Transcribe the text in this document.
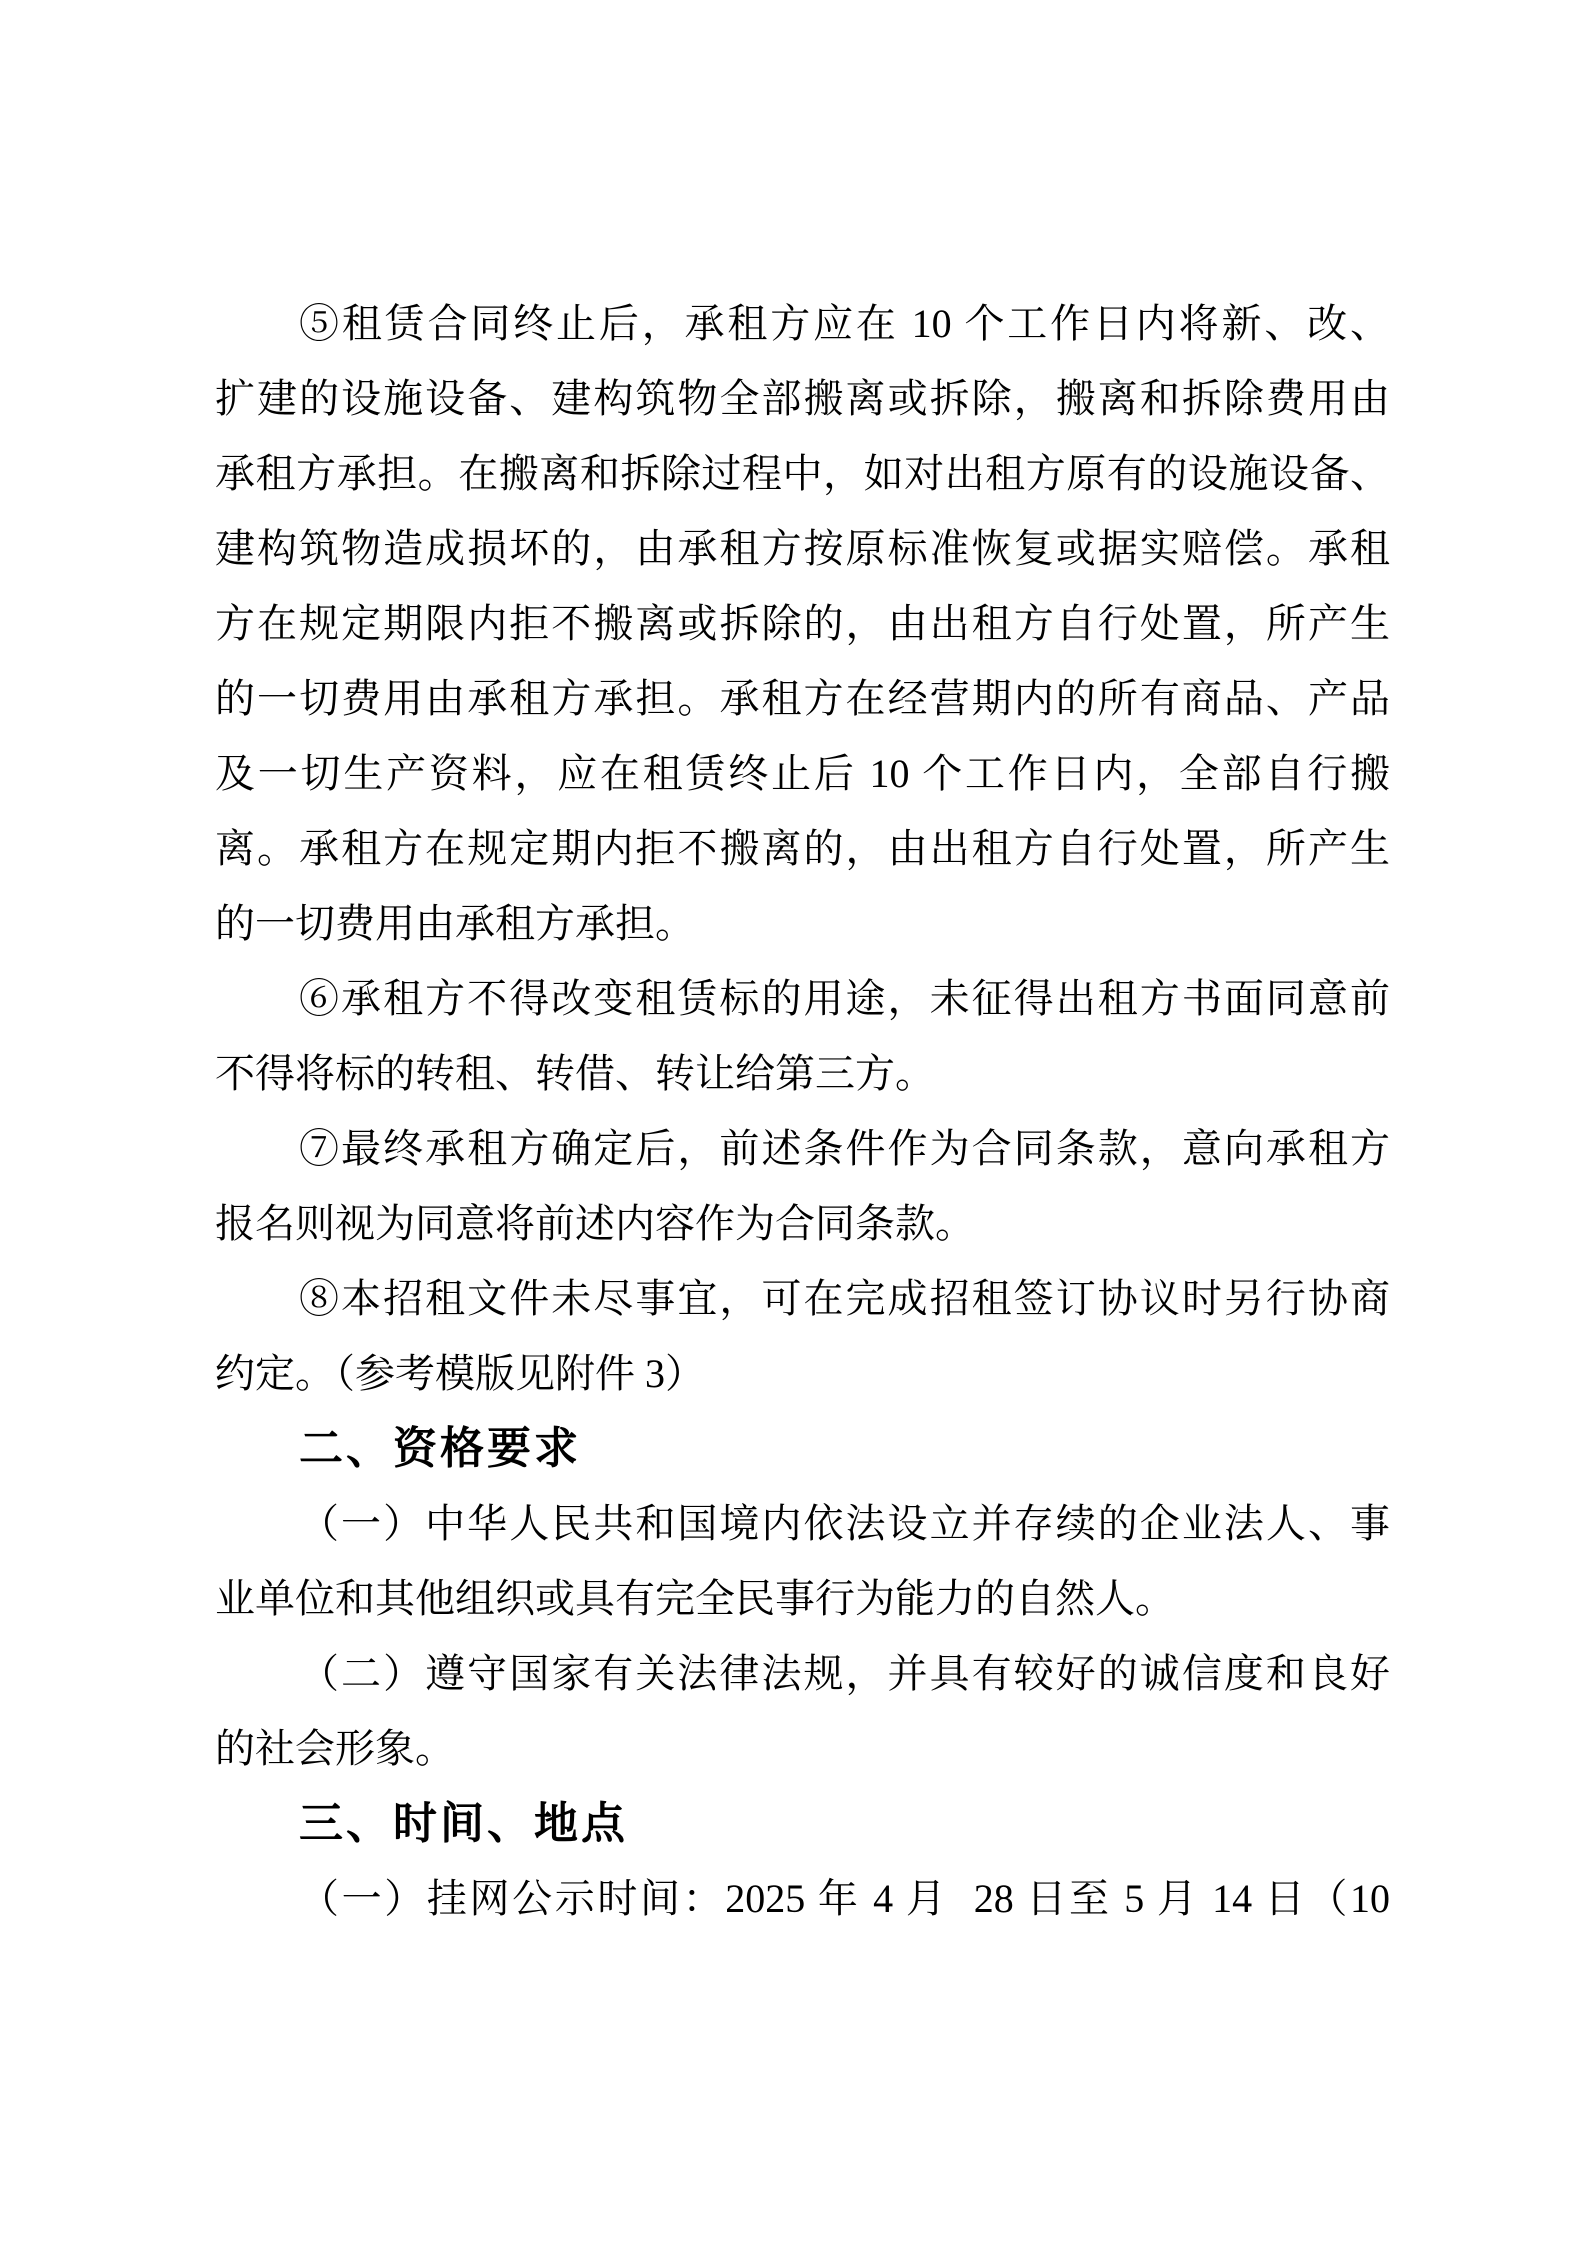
⑤租赁合同终止后，承租方应在 10 个工作日内将新、改、
扩建的设施设备、建构筑物全部搬离或拆除，搬离和拆除费用由
承租方承担。在搬离和拆除过程中，如对出租方原有的设施设备、
建构筑物造成损坏的，由承租方按原标准恢复或据实赔偿。承租
方在规定期限内拒不搬离或拆除的，由出租方自行处置，所产生
的一切费用由承租方承担。承租方在经营期内的所有商品、产品
及一切生产资料，应在租赁终止后 10 个工作日内，全部自行搬
离。承租方在规定期内拒不搬离的，由出租方自行处置，所产生
的一切费用由承租方承担。
⑥承租方不得改变租赁标的用途，未征得出租方书面同意前
不得将标的转租、转借、转让给第三方。
⑦最终承租方确定后，前述条件作为合同条款，意向承租方
报名则视为同意将前述内容作为合同条款。
⑧本招租文件未尽事宜，可在完成招租签订协议时另行协商
约定。（参考模版见附件 3）
二、资格要求
（一）中华人民共和国境内依法设立并存续的企业法人、事
业单位和其他组织或具有完全民事行为能力的自然人。
（二）遵守国家有关法律法规，并具有较好的诚信度和良好
的社会形象。
三、时间、地点
（一）挂网公示时间：2025 年 4 月  28 日至 5 月 14 日（10
